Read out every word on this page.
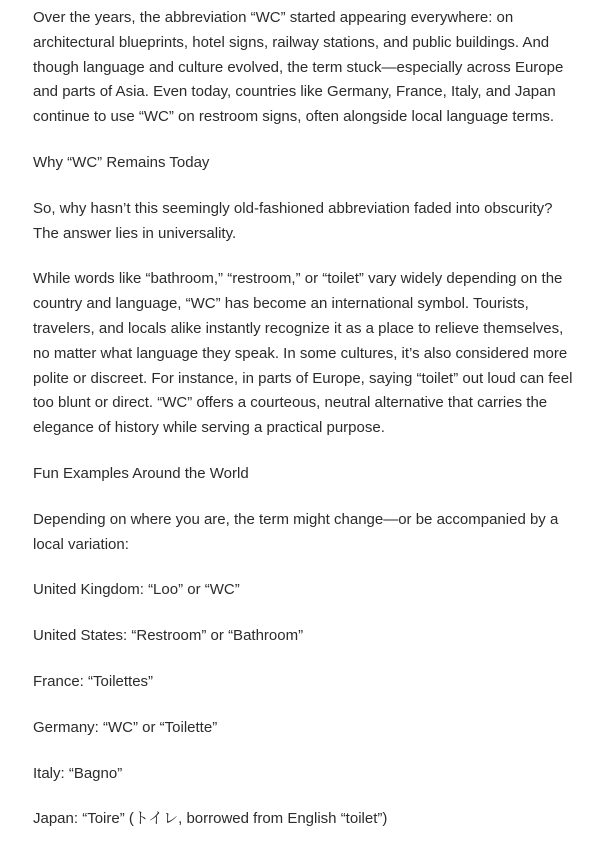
Over the years, the abbreviation “WC” started appearing everywhere: on architectural blueprints, hotel signs, railway stations, and public buildings. And though language and culture evolved, the term stuck—especially across Europe and parts of Asia. Even today, countries like Germany, France, Italy, and Japan continue to use “WC” on restroom signs, often alongside local language terms.

Why “WC” Remains Today

So, why hasn’t this seemingly old-fashioned abbreviation faded into obscurity? The answer lies in universality.

While words like “bathroom,” “restroom,” or “toilet” vary widely depending on the country and language, “WC” has become an international symbol. Tourists, travelers, and locals alike instantly recognize it as a place to relieve themselves, no matter what language they speak. In some cultures, it’s also considered more polite or discreet. For instance, in parts of Europe, saying “toilet” out loud can feel too blunt or direct. “WC” offers a courteous, neutral alternative that carries the elegance of history while serving a practical purpose.

Fun Examples Around the World

Depending on where you are, the term might change—or be accompanied by a local variation:

United Kingdom: “Loo” or “WC”

United States: “Restroom” or “Bathroom”

France: “Toilettes”

Germany: “WC” or “Toilette”

Italy: “Bagno”

Japan: “Toire” (トイレ, borrowed from English “toilet”)
